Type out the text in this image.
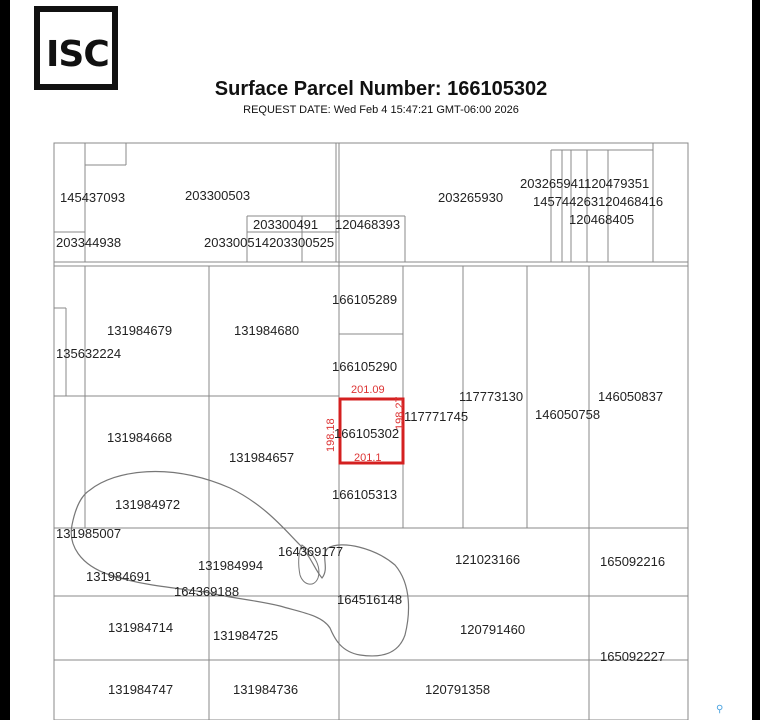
ISC
Surface Parcel Number: 166105302
REQUEST DATE: Wed Feb 4 15:47:21 GMT-06:00 2026
201.09
201.1
198.18
198.27
145437093	203300503
203300491 120468393
203344938	203300514203300525
203265930
203265941120479351
145744263120468416
120468405
166105289
131984679	131984680
135632224
166105290
117773130	146050837
131984668
117771745	146050758
131984657
166105302
166105313
131984972
131985007
164369177
131984994	121023166	165092216
131984691
164369188
164516148
131984714
131984725	120791460
165092227
131984747	131984736	120791358
⚲
